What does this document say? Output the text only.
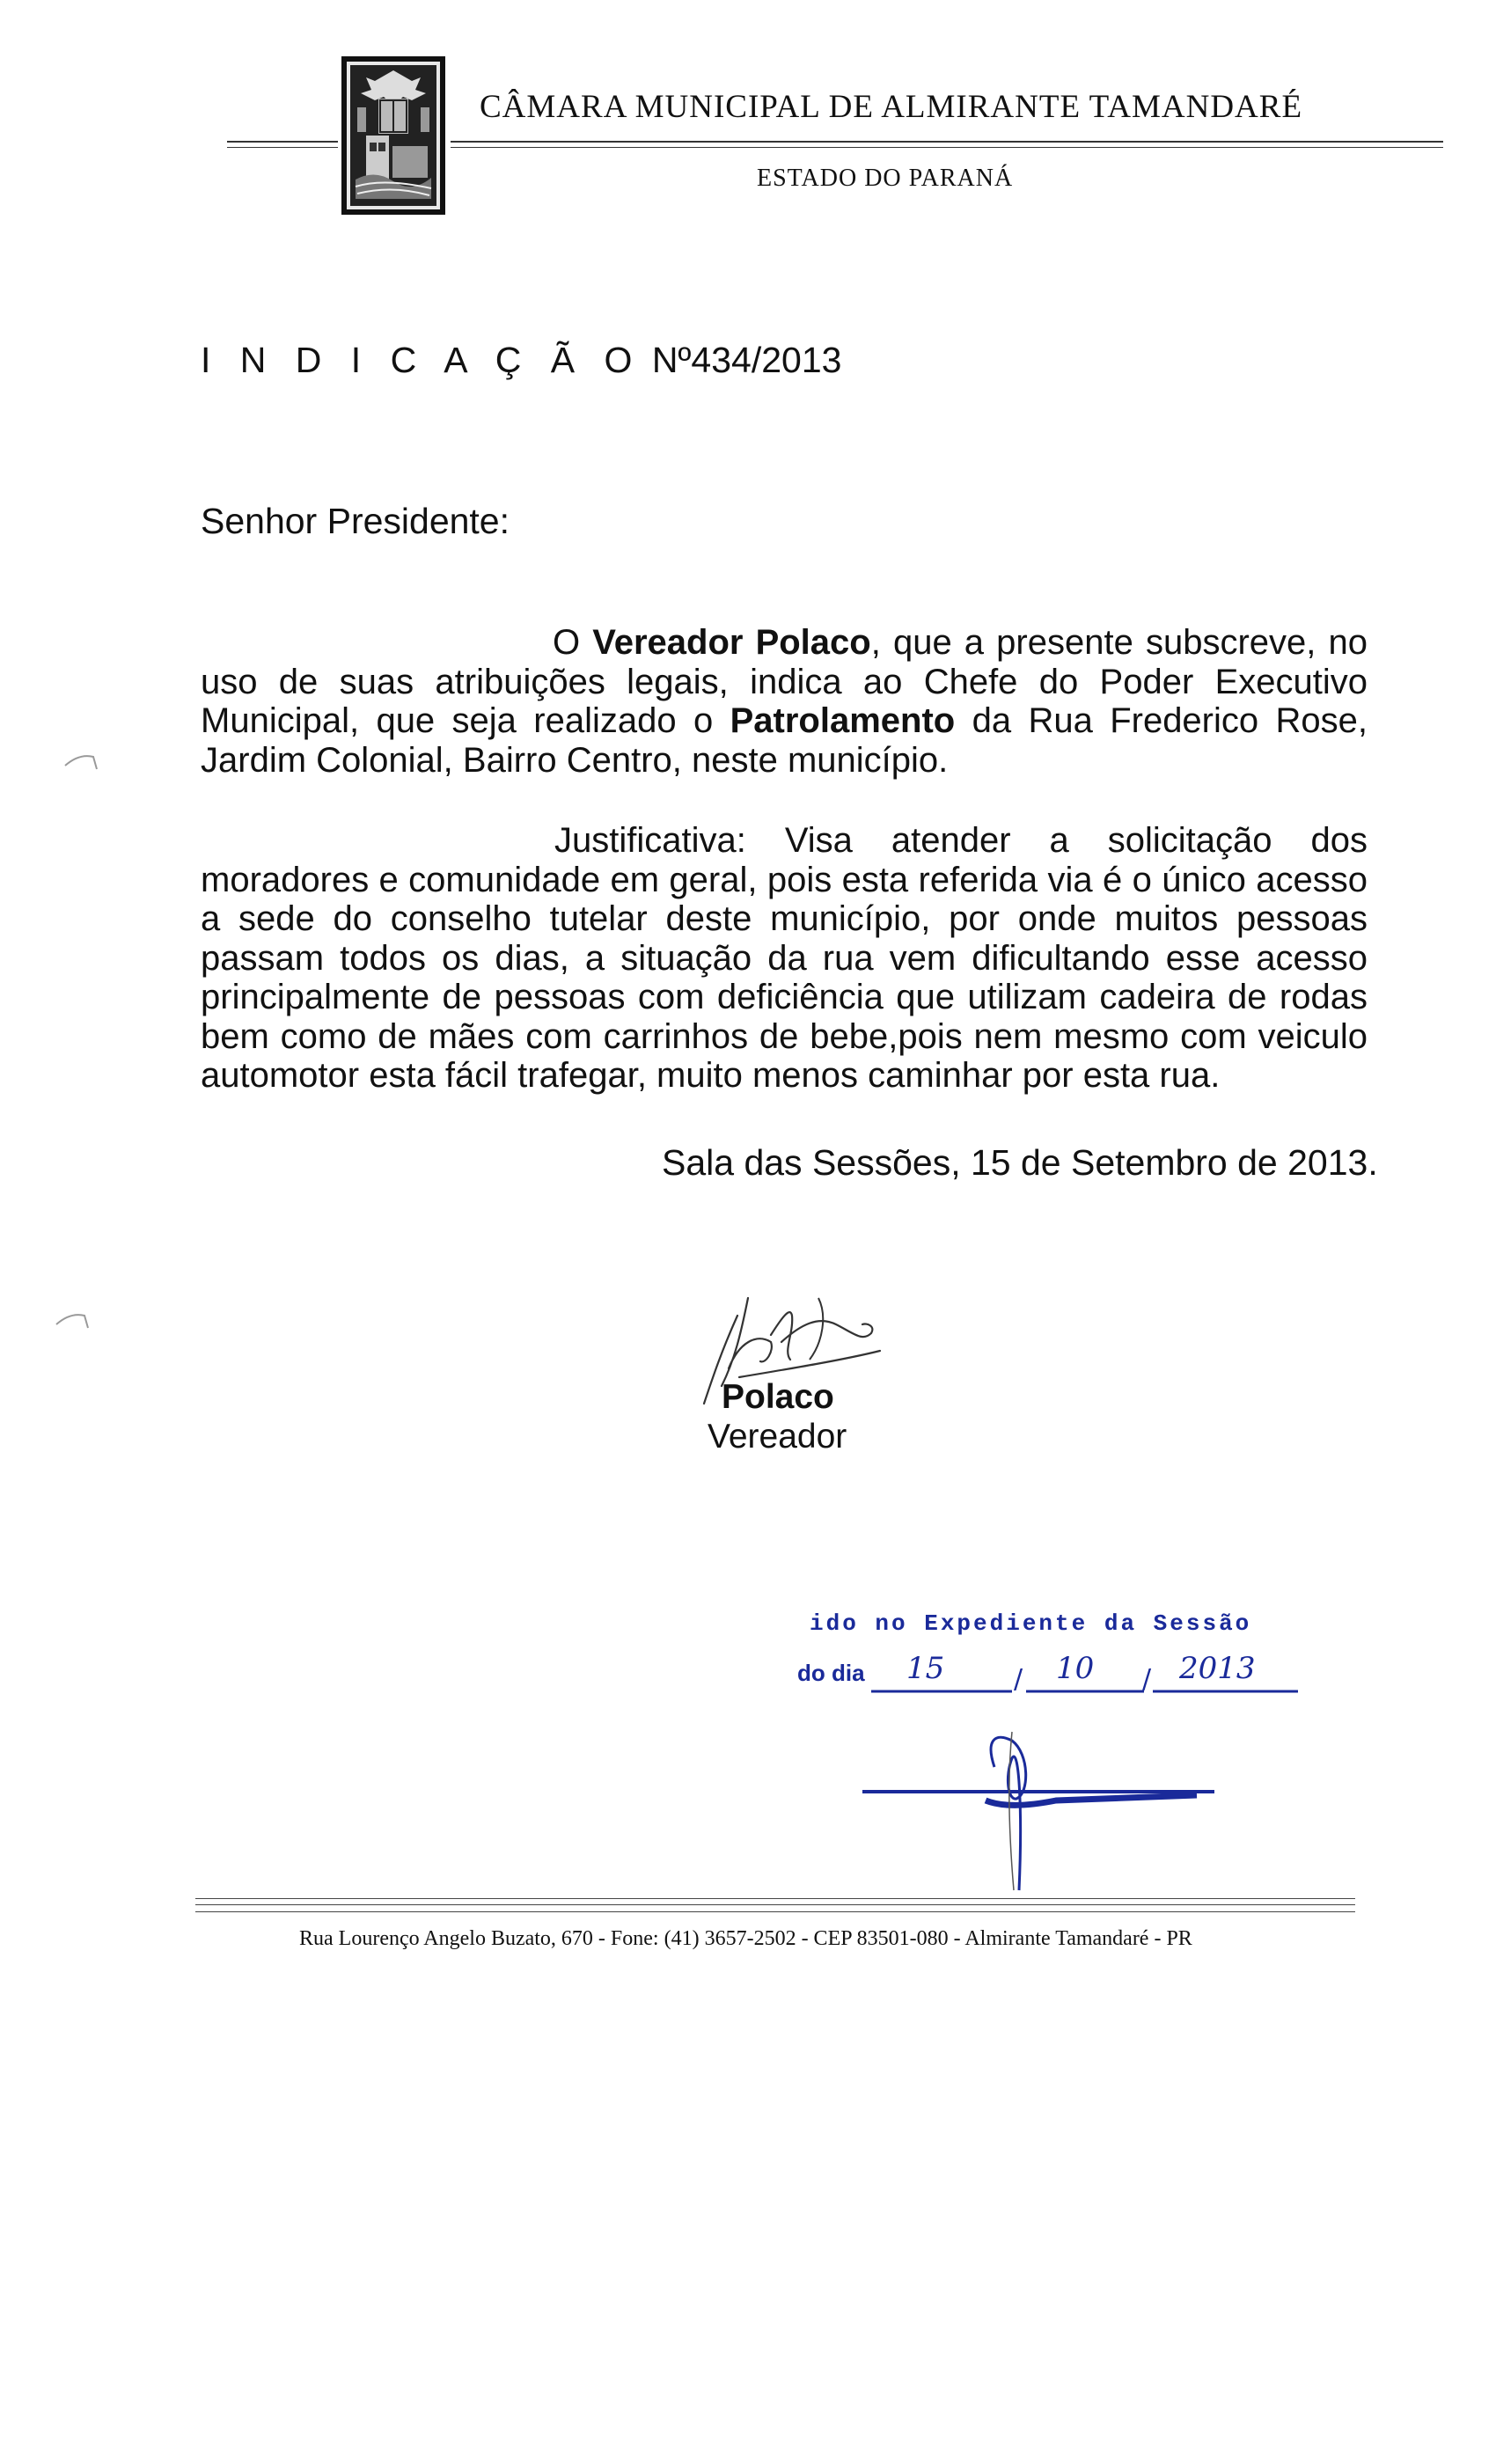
CÂMARA MUNICIPAL DE ALMIRANTE TAMANDARÉ
ESTADO DO PARANÁ
I N D I C A Ç Ã O Nº434/2013
Senhor Presidente:
O Vereador Polaco, que a presente subscreve, no
uso de suas atribuições legais, indica ao Chefe do Poder Executivo
Municipal, que seja realizado o Patrolamento da Rua Frederico Rose,
Jardim Colonial, Bairro Centro, neste município.
Justificativa: Visa atender a solicitação dos
moradores e comunidade em geral, pois esta referida via é o único acesso
a sede do conselho tutelar deste município, por onde muitos pessoas
passam todos os dias, a situação da rua vem dificultando esse acesso
principalmente de pessoas com deficiência que utilizam cadeira de rodas
bem como de mães com carrinhos de bebe,pois nem mesmo com veiculo
automotor esta fácil trafegar, muito menos caminhar por esta rua.
Sala das Sessões, 15 de Setembro de 2013.
Polaco
Vereador
ido no Expediente da Sessão
do dia 15	10	2013
/	/
Rua Lourenço Angelo Buzato, 670 - Fone: (41) 3657-2502 - CEP 83501-080 - Almirante Tamandaré - PR
